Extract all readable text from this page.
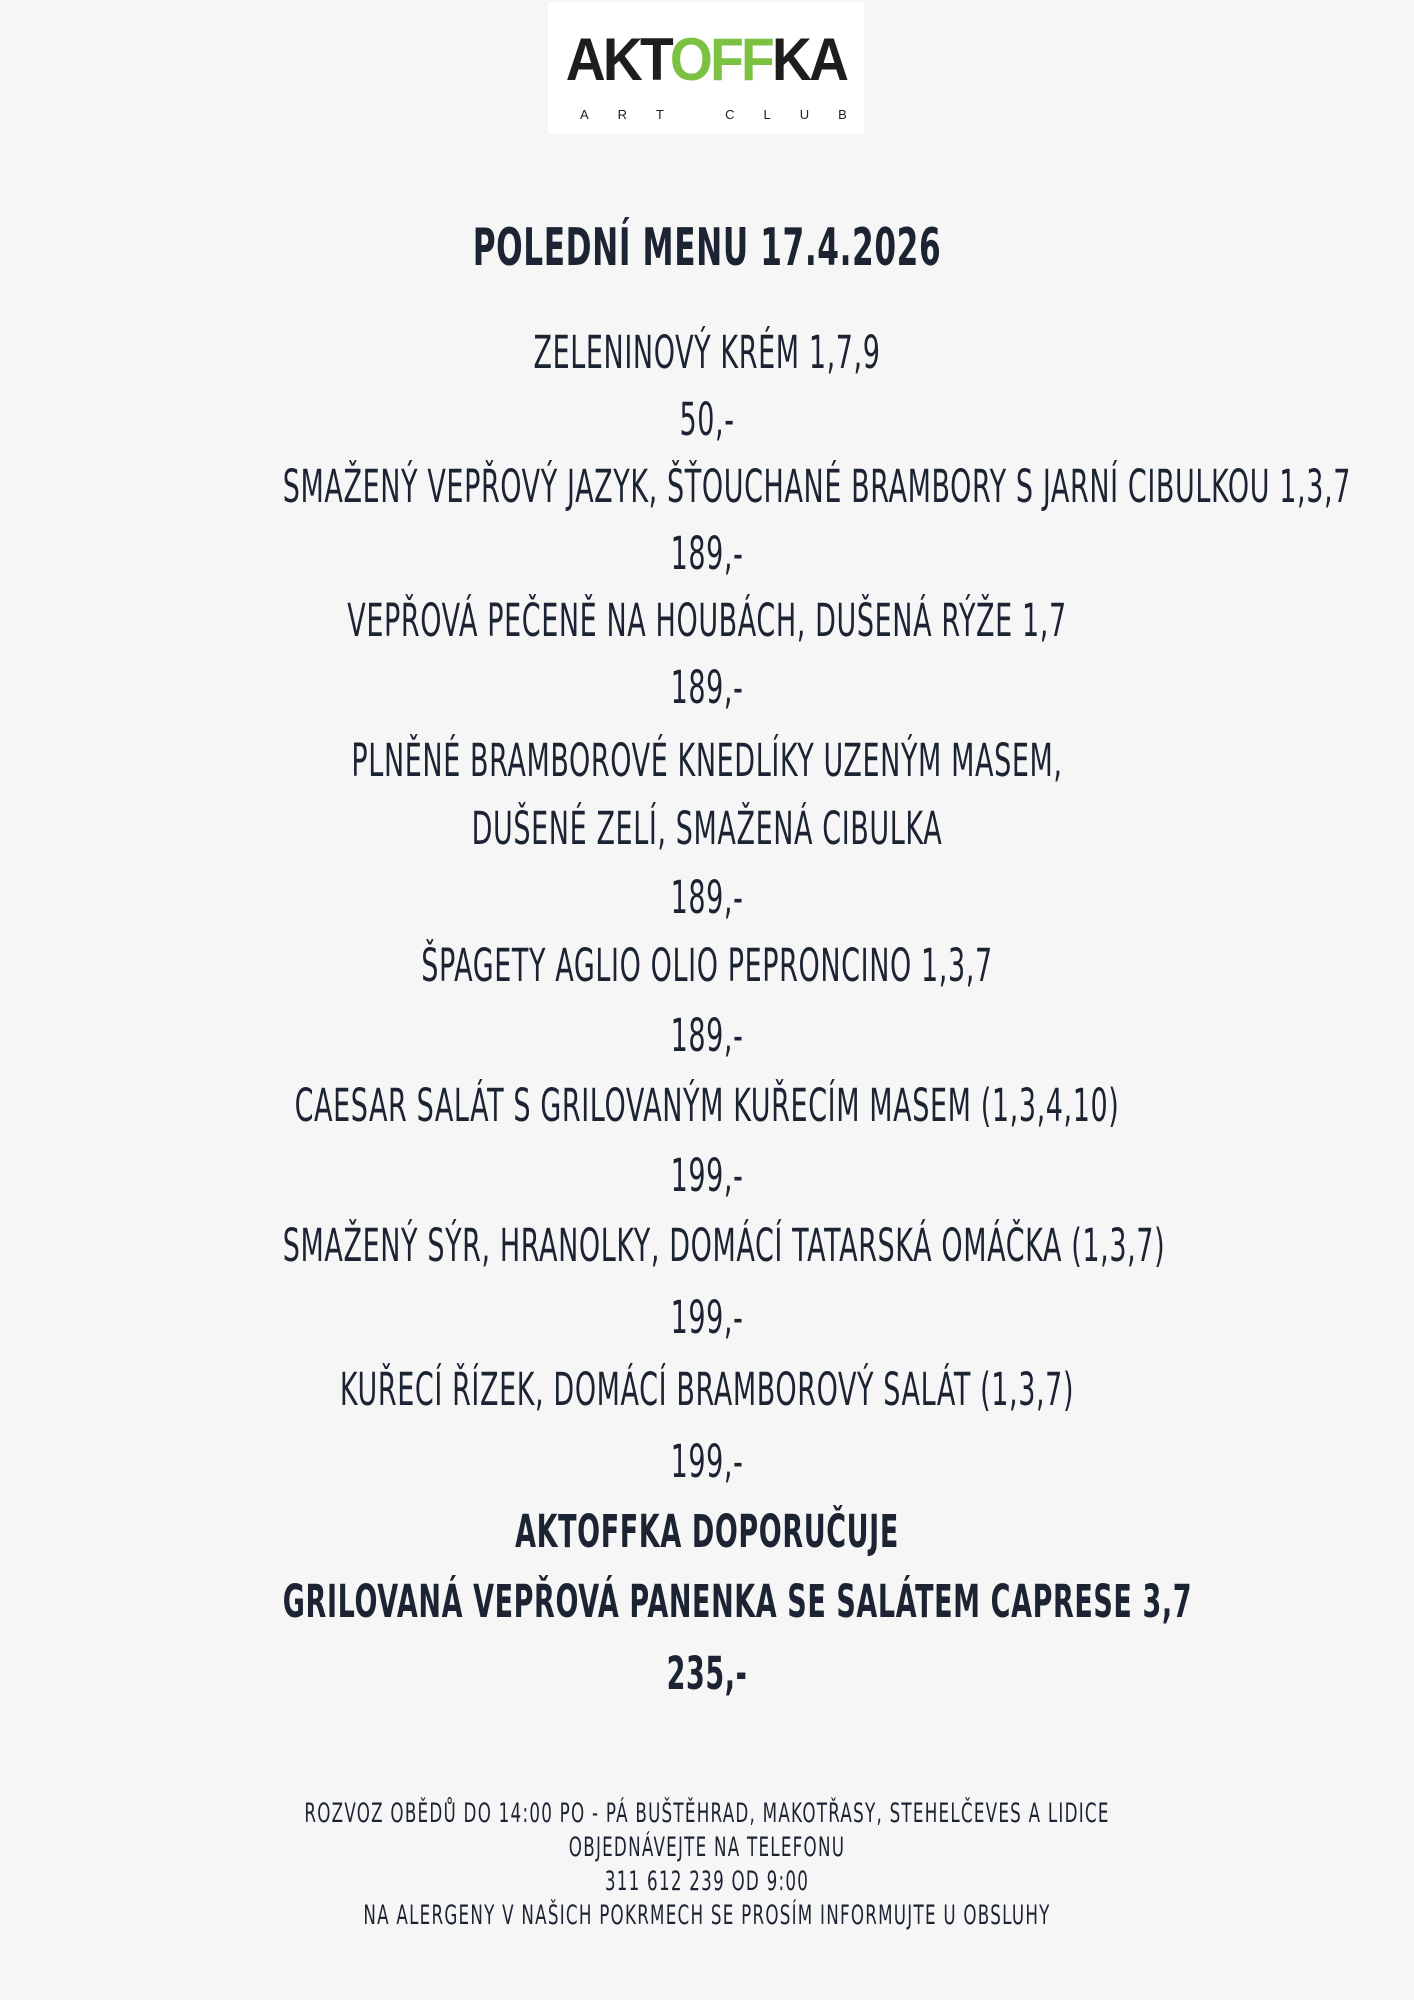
AKTOFFKA
ART CLUB
POLEDNÍ MENU 17.4.2026
ZELENINOVÝ KRÉM 1,7,9
50,-
SMAŽENÝ VEPŘOVÝ JAZYK, ŠŤOUCHANÉ BRAMBORY S JARNÍ CIBULKOU 1,3,7
189,-
VEPŘOVÁ PEČENĚ NA HOUBÁCH, DUŠENÁ RÝŽE 1,7
189,-
PLNĚNÉ BRAMBOROVÉ KNEDLÍKY UZENÝM MASEM,
DUŠENÉ ZELÍ, SMAŽENÁ CIBULKA
189,-
ŠPAGETY AGLIO OLIO PEPRONCINO 1,3,7
189,-
CAESAR SALÁT S GRILOVANÝM KUŘECÍM MASEM (1,3,4,10)
199,-
SMAŽENÝ SÝR, HRANOLKY, DOMÁCÍ TATARSKÁ OMÁČKA (1,3,7)
199,-
KUŘECÍ ŘÍZEK, DOMÁCÍ BRAMBOROVÝ SALÁT (1,3,7)
199,-
AKTOFFKA DOPORUČUJE
GRILOVANÁ VEPŘOVÁ PANENKA SE SALÁTEM CAPRESE 3,7
235,-
ROZVOZ OBĚDŮ DO 14:00 PO - PÁ BUŠTĚHRAD, MAKOTŘASY, STEHELČEVES A LIDICE
OBJEDNÁVEJTE NA TELEFONU
311 612 239 OD 9:00
NA ALERGENY V NAŠICH POKRMECH SE PROSÍM INFORMUJTE U OBSLUHY
